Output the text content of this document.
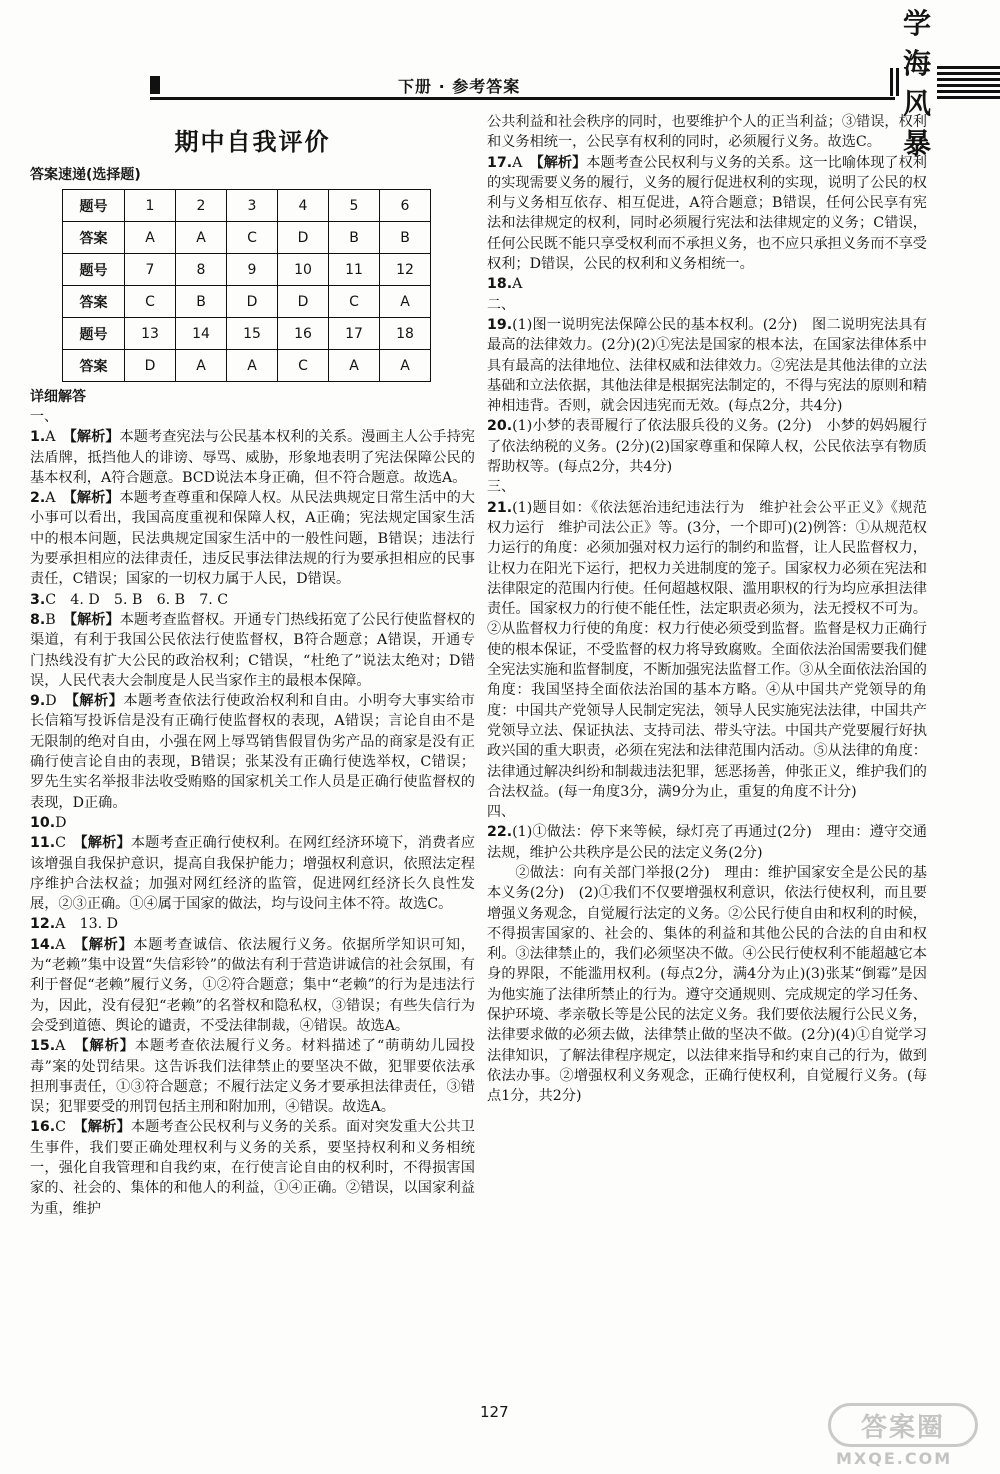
下册 · 参考答案
学海风暴
期中自我评价
答案速递(选择题)
题号	1	2	3	4	5	6
答案	A	A	C	D	B	B
题号	7	8	9	10	11	12
答案	C	B	D	D	C	A
题号	13	14	15	16	17	18
答案	D	A	A	C	A	A
详细解答
一、

1.A　 【解析】本题考查宪法与公民基本权利的关系。漫画主人公手持宪法盾牌，抵挡他人的诽谤、辱骂、威胁，形象地表明了宪法保障公民的基本权利，A符合题意。BCD说法本身正确，但不符合题意。故选A。

2.A　 【解析】本题考查尊重和保障人权。从民法典规定日常生活中的大小事可以看出，我国高度重视和保障人权，A正确；宪法规定国家生活中的根本问题，民法典规定国家生活中的一般性问题，B错误；违法行为要承担相应的法律责任，违反民事法律法规的行为要承担相应的民事责任，C错误；国家的一切权力属于人民，D错误。

3.C　4. D　5. B　6. B　7. C

8.B　 【解析】本题考查监督权。开通专门热线拓宽了公民行使监督权的渠道，有利于我国公民依法行使监督权，B符合题意；A错误，开通专门热线没有扩大公民的政治权利；C错误，“杜绝了”说法太绝对；D错误，人民代表大会制度是人民当家作主的最根本保障。

9.D　 【解析】本题考查依法行使政治权利和自由。小明夸大事实给市长信箱写投诉信是没有正确行使监督权的表现，A错误；言论自由不是无限制的绝对自由，小强在网上辱骂销售假冒伪劣产品的商家是没有正确行使言论自由的表现，B错误；张某没有正确行使选举权，C错误；罗先生实名举报非法收受贿赂的国家机关工作人员是正确行使监督权的表现，D正确。

10.D

11.C　 【解析】本题考查正确行使权利。在网红经济环境下，消费者应该增强自我保护意识，提高自我保护能力；增强权利意识，依照法定程序维护合法权益；加强对网红经济的监管，促进网红经济长久良性发展，②③正确。①④属于国家的做法，均与设问主体不符。故选C。

12.A　13. D

14.A　 【解析】本题考查诚信、依法履行义务。依据所学知识可知，为“老赖”集中设置“失信彩铃”的做法有利于营造讲诚信的社会氛围，有利于督促“老赖”履行义务，①②符合题意；集中“老赖”的行为是违法行为，因此，没有侵犯“老赖”的名誉权和隐私权，③错误；有些失信行为会受到道德、舆论的谴责，不受法律制裁，④错误。故选A。

15.A　 【解析】本题考查依法履行义务。材料描述了“萌萌幼儿园投毒”案的处罚结果。这告诉我们法律禁止的要坚决不做，犯罪要依法承担刑事责任，①③符合题意；不履行法定义务才要承担法律责任，③错误；犯罪要受的刑罚包括主刑和附加刑，④错误。故选A。

16.C　 【解析】本题考查公民权利与义务的关系。面对突发重大公共卫生事件，我们要正确处理权利与义务的关系，要坚持权利和义务相统一，强化自我管理和自我约束，在行使言论自由的权利时，不得损害国家的、社会的、集体的和他人的利益，①④正确。②错误，以国家利益为重，维护

公共利益和社会秩序的同时，也要维护个人的正当利益；③错误，权利和义务相统一，公民享有权利的同时，必须履行义务。故选C。

17.A　 【解析】本题考查公民权利与义务的关系。这一比喻体现了权利的实现需要义务的履行，义务的履行促进权利的实现，说明了公民的权利与义务相互依存、相互促进，A符合题意；B错误，任何公民享有宪法和法律规定的权利，同时必须履行宪法和法律规定的义务；C错误，任何公民既不能只享受权利而不承担义务，也不应只承担义务而不享受权利；D错误，公民的权利和义务相统一。

18.A

二、

19.(1)图一说明宪法保障公民的基本权利。(2分)　图二说明宪法具有最高的法律效力。(2分)(2)①宪法是国家的根本法，在国家法律体系中具有最高的法律地位、法律权威和法律效力。②宪法是其他法律的立法基础和立法依据，其他法律是根据宪法制定的，不得与宪法的原则和精神相违背。否则，就会因违宪而无效。(每点2分，共4分)

20.(1)小梦的表哥履行了依法服兵役的义务。(2分)　小梦的妈妈履行了依法纳税的义务。(2分)(2)国家尊重和保障人权，公民依法享有物质帮助权等。(每点2分，共4分)

三、

21.(1)题目如：《依法惩治违纪违法行为　维护社会公平正义》《规范权力运行　维护司法公正》等。(3分，一个即可)(2)例答：①从规范权力运行的角度：必须加强对权力运行的制约和监督，让人民监督权力，让权力在阳光下运行，把权力关进制度的笼子。国家权力必须在宪法和法律限定的范围内行使。任何超越权限、滥用职权的行为均应承担法律责任。国家权力的行使不能任性，法定职责必须为，法无授权不可为。②从监督权力行使的角度：权力行使必须受到监督。监督是权力正确行使的根本保证，不受监督的权力将导致腐败。全面依法治国需要我们健全宪法实施和监督制度，不断加强宪法监督工作。③从全面依法治国的角度：我国坚持全面依法治国的基本方略。④从中国共产党领导的角度：中国共产党领导人民制定宪法，领导人民实施宪法法律，中国共产党领导立法、保证执法、支持司法、带头守法。中国共产党要履行好执政兴国的重大职责，必须在宪法和法律范围内活动。⑤从法律的角度：法律通过解决纠纷和制裁违法犯罪，惩恶扬善，伸张正义，维护我们的合法权益。(每一角度3分，满9分为止，重复的角度不计分)

四、

22.(1)①做法：停下来等候，绿灯亮了再通过(2分)　理由：遵守交通法规，维护公共秩序是公民的法定义务(2分)

②做法：向有关部门举报(2分)　理由：维护国家安全是公民的基本义务(2分)　(2)①我们不仅要增强权利意识，依法行使权利，而且要增强义务观念，自觉履行法定的义务。②公民行使自由和权利的时候，不得损害国家的、社会的、集体的利益和其他公民的合法的自由和权利。③法律禁止的，我们必须坚决不做。④公民行使权利不能超越它本身的界限，不能滥用权利。(每点2分，满4分为止)(3)张某“倒霉”是因为他实施了法律所禁止的行为。遵守交通规则、完成规定的学习任务、保护环境、孝亲敬长等是公民的法定义务。我们要依法履行公民义务，法律要求做的必须去做，法律禁止做的坚决不做。(2分)(4)①自觉学习法律知识，了解法律程序规定，以法律来指导和约束自己的行为，做到依法办事。②增强权利义务观念，正确行使权利，自觉履行义务。(每点1分，共2分)

127
答案圈
MXQE.COM
